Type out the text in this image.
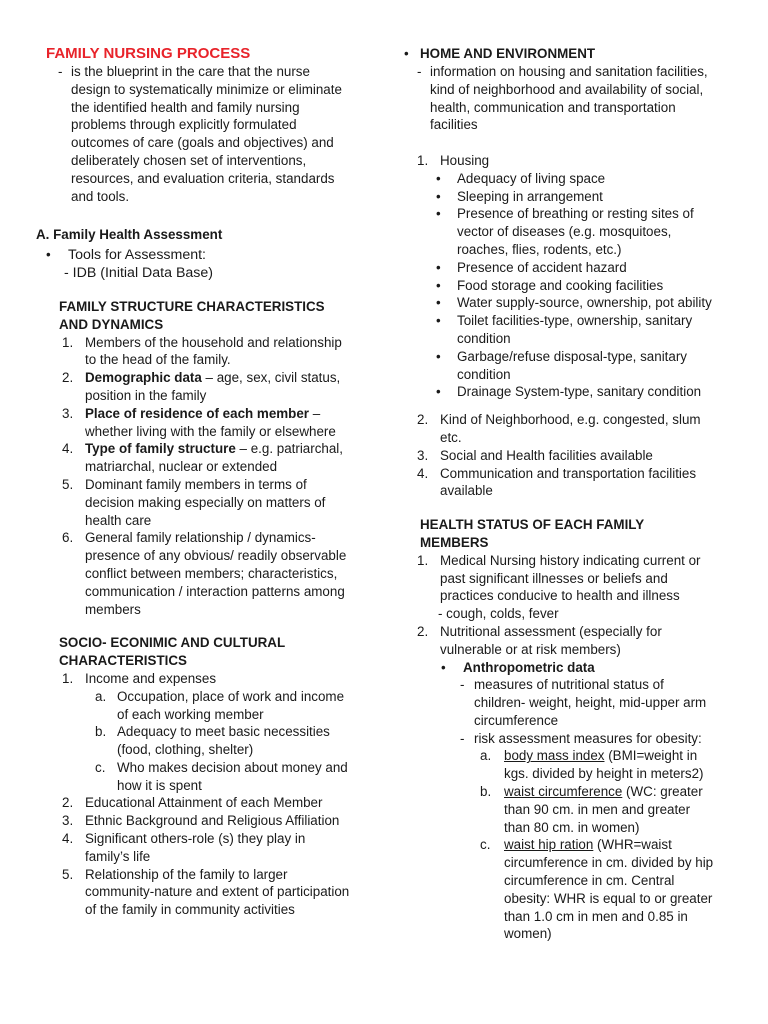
FAMILY NURSING PROCESS
- is the blueprint in the care that the nurse
design to systematically minimize or eliminate
the identified health and family nursing
problems through explicitly formulated
outcomes of care (goals and objectives) and
deliberately chosen set of interventions,
resources, and evaluation criteria, standards
and tools.
A. Family Health Assessment
•
Tools for Assessment:
- IDB (Initial Data Base)
FAMILY STRUCTURE CHARACTERISTICS
AND DYNAMICS
1. Members of the household and relationship
to the head of the family.
2. Demographic data – age, sex, civil status,
position in the family
3. Place of residence of each member –
whether living with the family or elsewhere
4. Type of family structure – e.g. patriarchal,
matriarchal, nuclear or extended
5. Dominant family members in terms of
decision making especially on matters of
health care
6. General family relationship / dynamics-
presence of any obvious/ readily observable
conflict between members; characteristics,
communication / interaction patterns among
members
SOCIO- ECONIMIC AND CULTURAL
CHARACTERISTICS
1. Income and expenses
a. Occupation, place of work and income
of each working member
b. Adequacy to meet basic necessities
(food, clothing, shelter)
c. Who makes decision about money and
how it is spent
2. Educational Attainment of each Member
3. Ethnic Background and Religious Affiliation
4. Significant others-role (s) they play in
family’s life
5. Relationship of the family to larger
community-nature and extent of participation
of the family in community activities
•
HOME AND ENVIRONMENT
- information on housing and sanitation facilities,
kind of neighborhood and availability of social,
health, communication and transportation
facilities
1. Housing
•
Adequacy of living space
•
Sleeping in arrangement
•
Presence of breathing or resting sites of
vector of diseases (e.g. mosquitoes,
roaches, flies, rodents, etc.)
•
Presence of accident hazard
•
Food storage and cooking facilities
•
Water supply-source, ownership, pot ability
•
Toilet facilities-type, ownership, sanitary
condition
•
Garbage/refuse disposal-type, sanitary
condition
•
Drainage System-type, sanitary condition
2. Kind of Neighborhood, e.g. congested, slum
etc.
3. Social and Health facilities available
4. Communication and transportation facilities
available
HEALTH STATUS OF EACH FAMILY
MEMBERS
1. Medical Nursing history indicating current or
past significant illnesses or beliefs and
practices conducive to health and illness
- cough, colds, fever
2. Nutritional assessment (especially for
vulnerable or at risk members)
•
Anthropometric data
- measures of nutritional status of
children- weight, height, mid-upper arm
circumference
- risk assessment measures for obesity:
a. body mass index (BMI=weight in
kgs. divided by height in meters2)
b. waist circumference (WC: greater
than 90 cm. in men and greater
than 80 cm. in women)
c. waist hip ration (WHR=waist
circumference in cm. divided by hip
circumference in cm. Central
obesity: WHR is equal to or greater
than 1.0 cm in men and 0.85 in
women)
